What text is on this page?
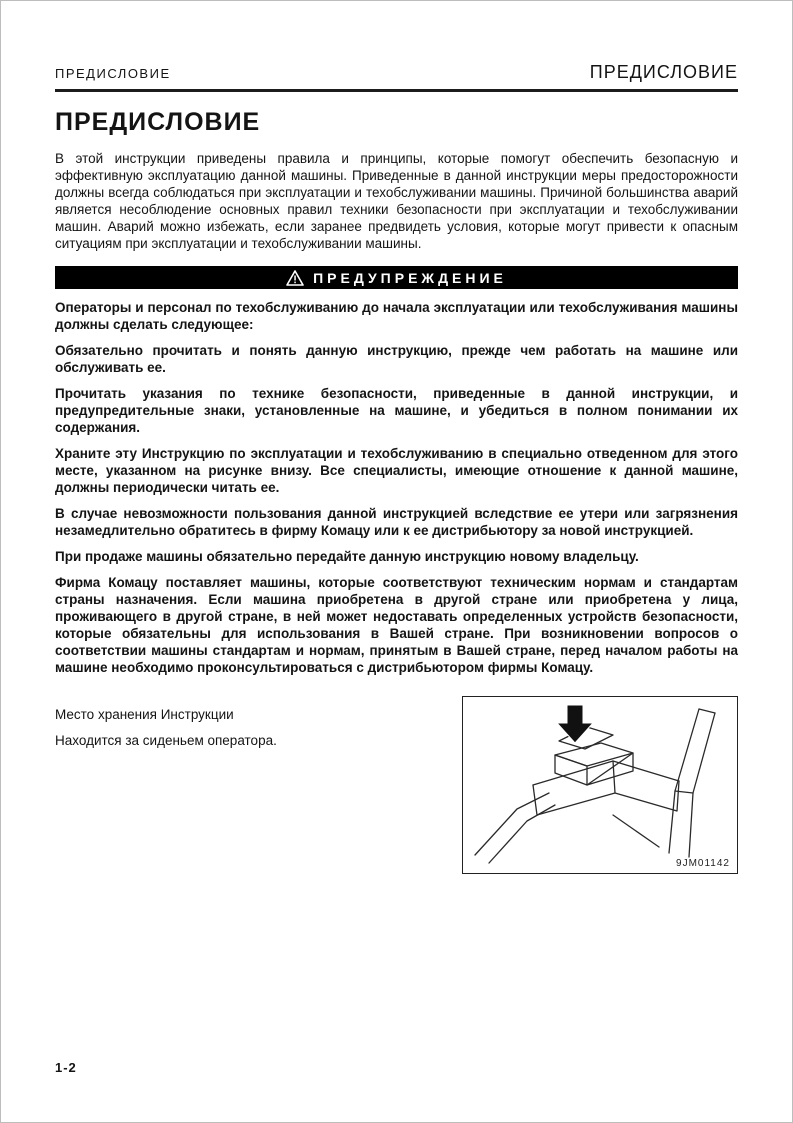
ПРЕДИСЛОВИЕ	ПРЕДИСЛОВИЕ
ПРЕДИСЛОВИЕ

В этой инструкции приведены правила и принципы, которые помогут обеспечить безопасную и эффективную эксплуатацию данной машины. Приведенные в данной инструкции меры предосторожности должны всегда соблюдаться при эксплуатации и техобслуживании машины. Причиной большинства аварий является несоблюдение основных правил техники безопасности при эксплуатации и техобслуживании машин. Аварий можно избежать, если заранее предвидеть условия, которые могут привести к опасным ситуациям при эксплуатации и техобслуживании машины.

ПРЕДУПРЕЖДЕНИЕ

Операторы и персонал по техобслуживанию до начала эксплуатации или техобслуживания машины должны сделать следующее:

Обязательно прочитать и понять данную инструкцию, прежде чем работать на машине или обслуживать ее.

Прочитать указания по технике безопасности, приведенные в данной инструкции, и предупредительные знаки, установленные на машине, и убедиться в полном понимании их содержания.

Храните эту Инструкцию по эксплуатации и техобслуживанию в специально отведенном для этого месте, указанном на рисунке внизу. Все специалисты, имеющие отношение к данной машине, должны периодически читать ее.

В случае невозможности пользования данной инструкцией вследствие ее утери или загрязнения незамедлительно обратитесь в фирму Комацу или к ее дистрибьютору за новой инструкцией.

При продаже машины обязательно передайте данную инструкцию новому владельцу.

Фирма Комацу поставляет машины, которые соответствуют техническим нормам и стандартам страны назначения. Если машина приобретена в другой стране или приобретена у лица, проживающего в другой стране, в ней может недоставать определенных устройств безопасности, которые обязательны для использования в Вашей стране. При возникновении вопросов о соответствии машины стандартам и нормам, принятым в Вашей стране, перед началом работы на машине необходимо проконсультироваться с дистрибьютором фирмы Комацу.

Место хранения Инструкции

Находится за сиденьем оператора.

9JM01142
1-2
